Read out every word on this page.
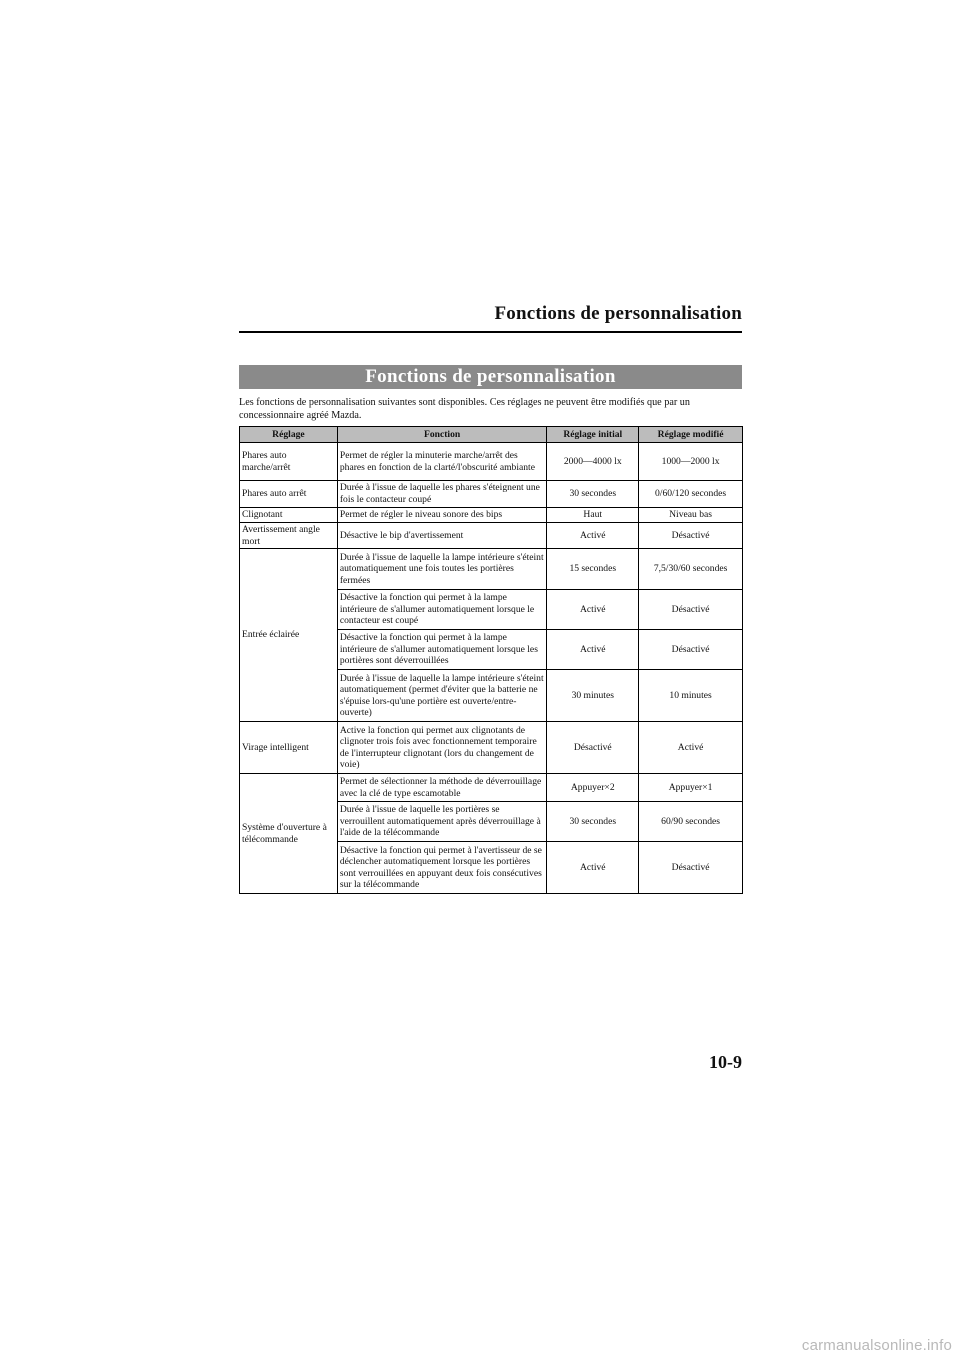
Fonctions de personnalisation
Fonctions de personnalisation
Les fonctions de personnalisation suivantes sont disponibles. Ces réglages ne peuvent être modifiés que par un concessionnaire agréé Mazda.
Réglage	Fonction	Réglage initial	Réglage modifié
Phares auto marche/arrêt	Permet de régler la minuterie marche/arrêt des phares en fonction de la clarté/l'obscurité ambiante	2000—4000 lx	1000—2000 lx
Phares auto arrêt	Durée à l'issue de laquelle les phares s'éteignent une fois le contacteur coupé	30 secondes	0/60/120 secondes
Clignotant	Permet de régler le niveau sonore des bips	Haut	Niveau bas
Avertissement angle mort	Désactive le bip d'avertissement	Activé	Désactivé
Entrée éclairée	Durée à l'issue de laquelle la lampe intérieure s'éteint automatiquement une fois toutes les portières fermées	15 secondes	7,5/30/60 secondes
	Désactive la fonction qui permet à la lampe intérieure de s'allumer automatiquement lorsque le contacteur est coupé	Activé	Désactivé
	Désactive la fonction qui permet à la lampe intérieure de s'allumer automatiquement lorsque les portières sont déverrouillées	Activé	Désactivé
	Durée à l'issue de laquelle la lampe intérieure s'éteint automatiquement (permet d'éviter que la batterie ne s'épuise lors-qu'une portière est ouverte/entre-ouverte)	30 minutes	10 minutes
Virage intelligent	Active la fonction qui permet aux clignotants de clignoter trois fois avec fonctionnement temporaire de l'interrupteur clignotant (lors du changement de voie)	Désactivé	Activé
Système d'ouverture à télécommande	Permet de sélectionner la méthode de déverrouillage avec la clé de type escamotable	Appuyer×2	Appuyer×1
	Durée à l'issue de laquelle les portières se verrouillent automatiquement après déverrouillage à l'aide de la télécommande	30 secondes	60/90 secondes
	Désactive la fonction qui permet à l'avertisseur de se déclencher automatiquement lorsque les portières sont verrouillées en appuyant deux fois consécutives sur la télécommande	Activé	Désactivé
10-9
carmanualsonline.info
